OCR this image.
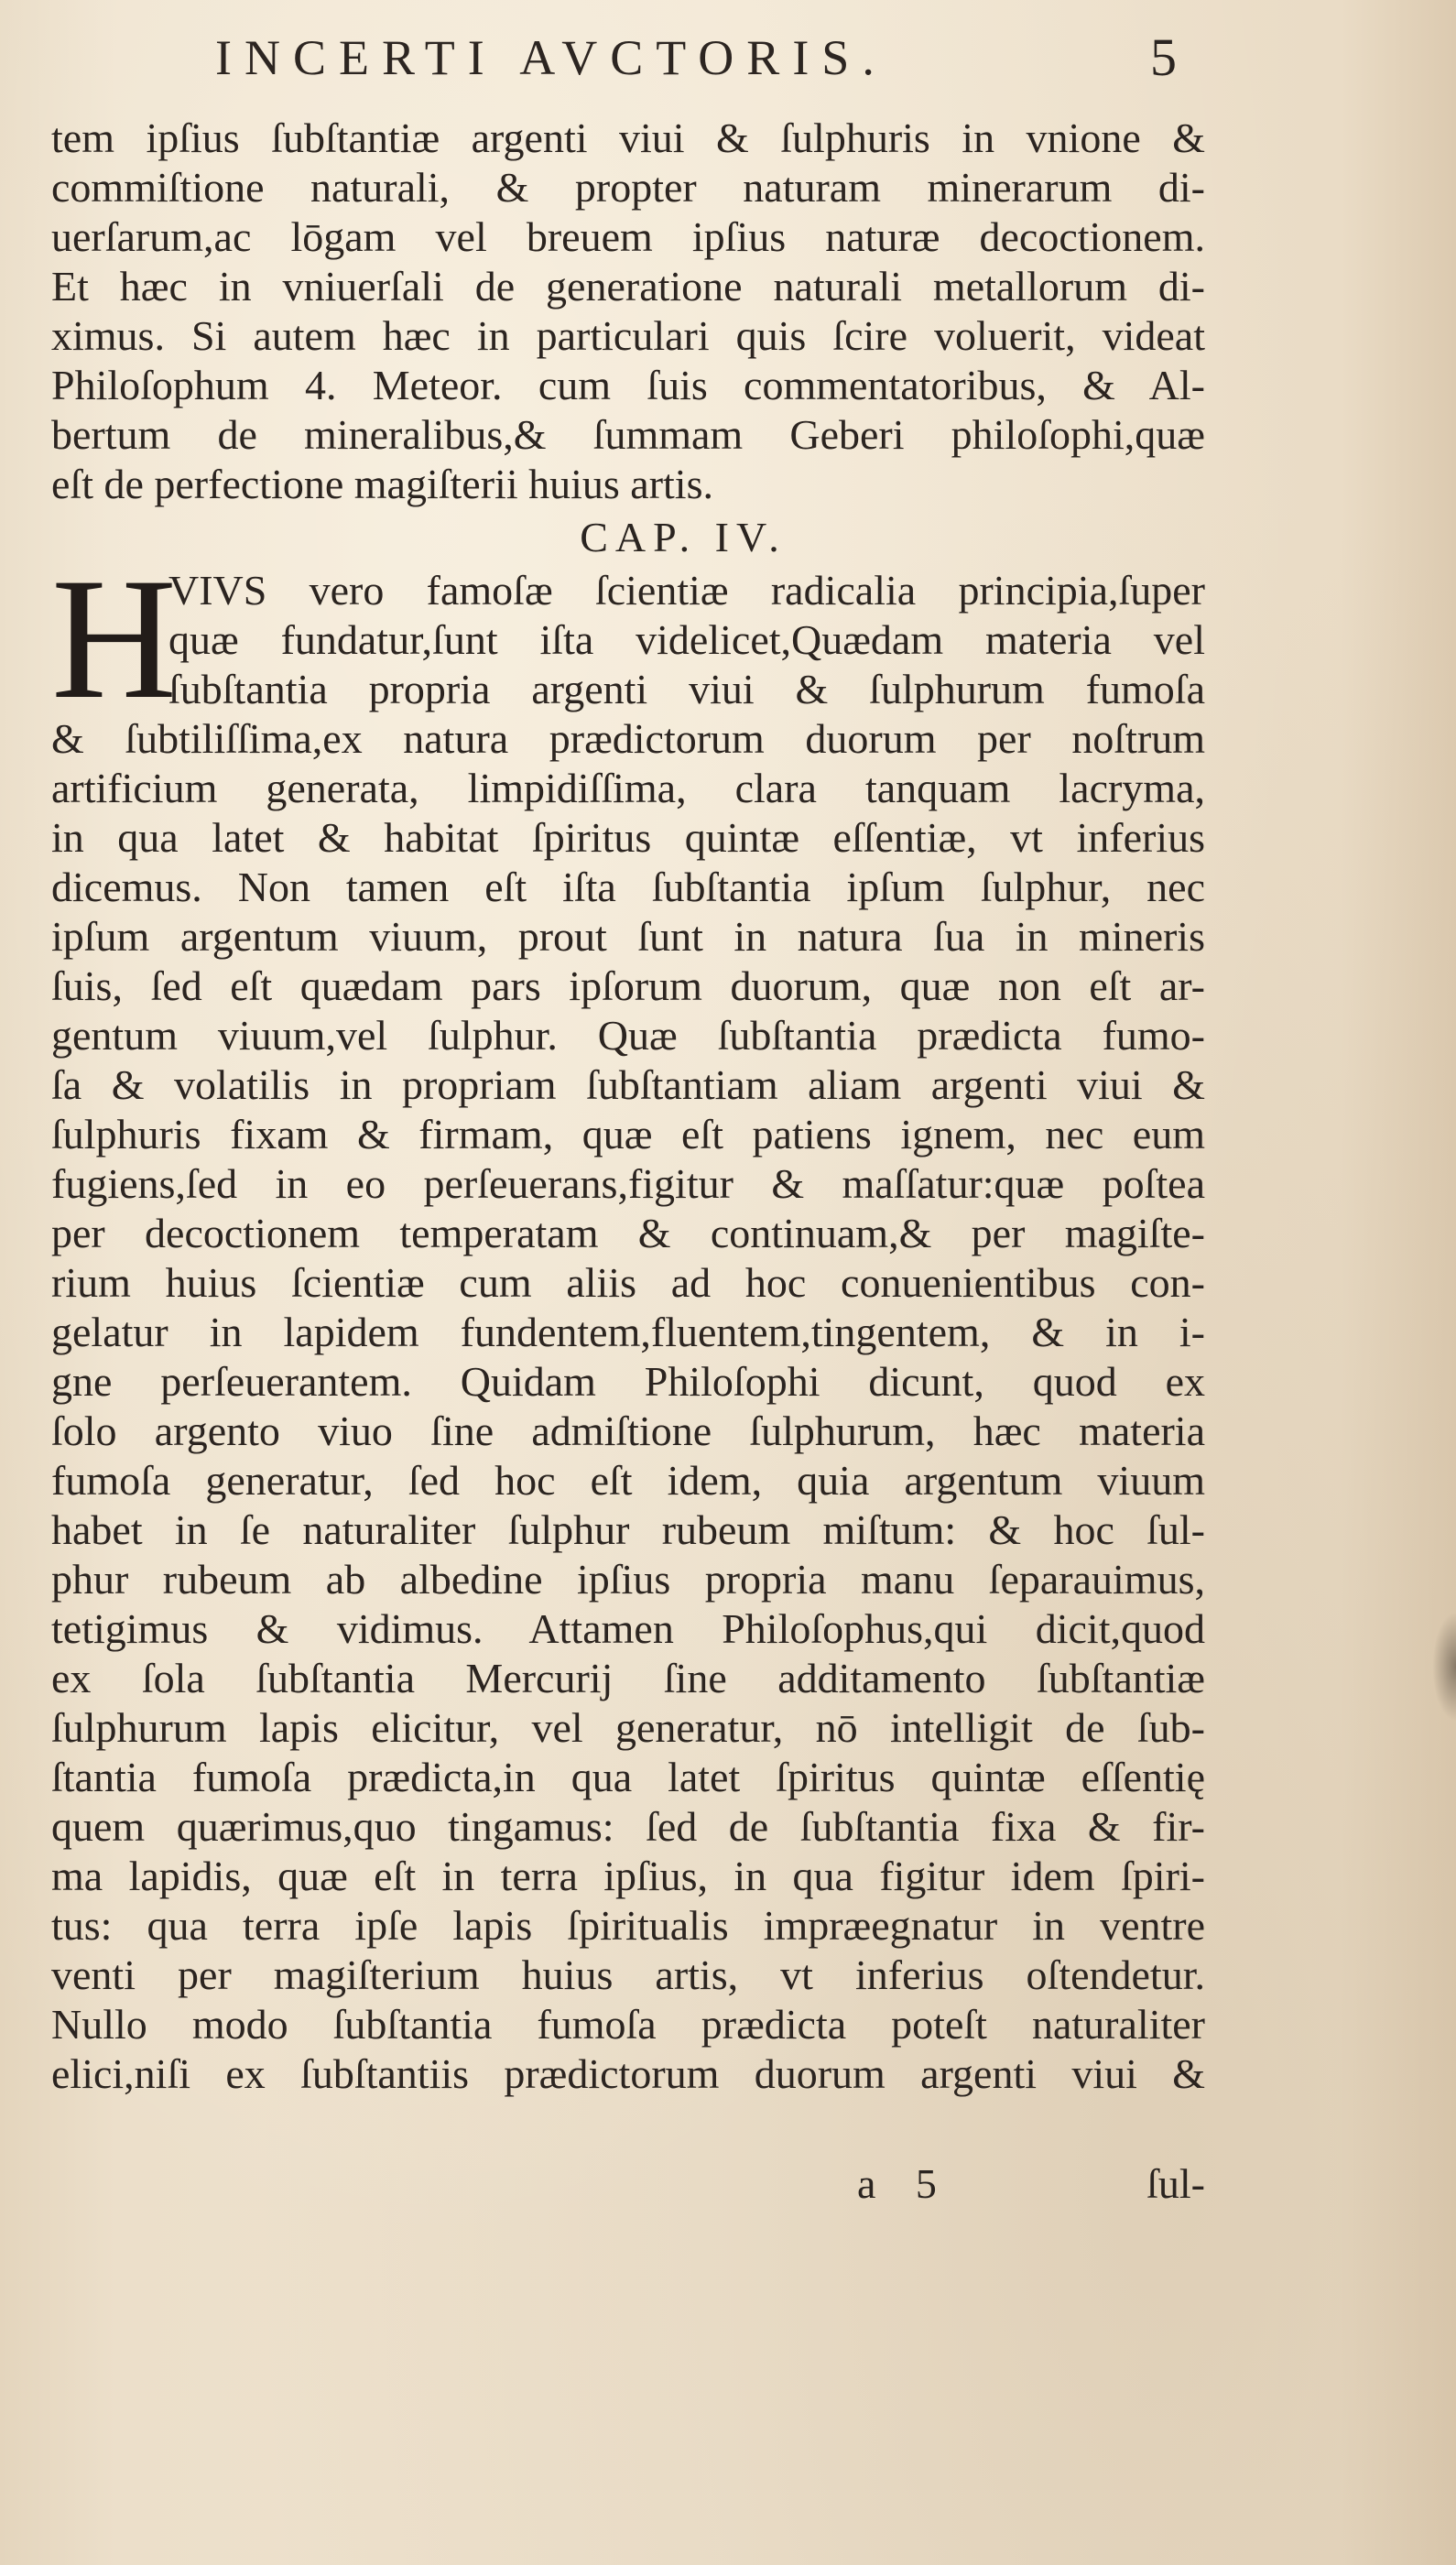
INCERTI AVCTORIS.	5
tem ipſius ſubſtantiæ argenti viui & ſulphuris in vnione &
commiſtione naturali, & propter naturam minerarum di-
uerſarum,ac lōgam vel breuem ipſius naturæ decoctionem.
Et hæc in vniuerſali de generatione naturali metallorum di-
ximus. Si autem hæc in particulari quis ſcire voluerit, videat
Philoſophum 4. Meteor. cum ſuis commentatoribus, & Al-
bertum de mineralibus,& ſummam Geberi philoſophi,quæ
eſt de perfectione magiſterii huius artis.
CAP. IV.
H
VIVS vero famoſæ ſcientiæ radicalia principia,ſuper
quæ fundatur,ſunt iſta videlicet,Quædam materia vel
ſubſtantia propria argenti viui & ſulphurum fumoſa
& ſubtiliſſima,ex natura prædictorum duorum per noſtrum
artificium generata, limpidiſſima, clara tanquam lacryma,
in qua latet & habitat ſpiritus quintæ eſſentiæ, vt inferius
dicemus. Non tamen eſt iſta ſubſtantia ipſum ſulphur, nec
ipſum argentum viuum, prout ſunt in natura ſua in mineris
ſuis, ſed eſt quædam pars ipſorum duorum, quæ non eſt ar-
gentum viuum,vel ſulphur. Quæ ſubſtantia prædicta fumo-
ſa & volatilis in propriam ſubſtantiam aliam argenti viui &
ſulphuris fixam & firmam, quæ eſt patiens ignem, nec eum
fugiens,ſed in eo perſeuerans,figitur & maſſatur:quæ poſtea
per decoctionem temperatam & continuam,& per magiſte-
rium huius ſcientiæ cum aliis ad hoc conuenientibus con-
gelatur in lapidem fundentem,fluentem,tingentem, & in i-
gne perſeuerantem. Quidam Philoſophi dicunt, quod ex
ſolo argento viuo ſine admiſtione ſulphurum, hæc materia
fumoſa generatur, ſed hoc eſt idem, quia argentum viuum
habet in ſe naturaliter ſulphur rubeum miſtum: & hoc ſul-
phur rubeum ab albedine ipſius propria manu ſeparauimus,
tetigimus & vidimus. Attamen Philoſophus,qui dicit,quod
ex ſola ſubſtantia Mercurij ſine additamento ſubſtantiæ
ſulphurum lapis elicitur, vel generatur, nō intelligit de ſub-
ſtantia fumoſa prædicta,in qua latet ſpiritus quintæ eſſentię
quem quærimus,quo tingamus: ſed de ſubſtantia fixa & fir-
ma lapidis, quæ eſt in terra ipſius, in qua figitur idem ſpiri-
tus: qua terra ipſe lapis ſpiritualis impræegnatur in ventre
venti per magiſterium huius artis, vt inferius oſtendetur.
Nullo modo ſubſtantia fumoſa prædicta poteſt naturaliter
elici,niſi ex ſubſtantiis prædictorum duorum argenti viui &
a 5	ſul-
